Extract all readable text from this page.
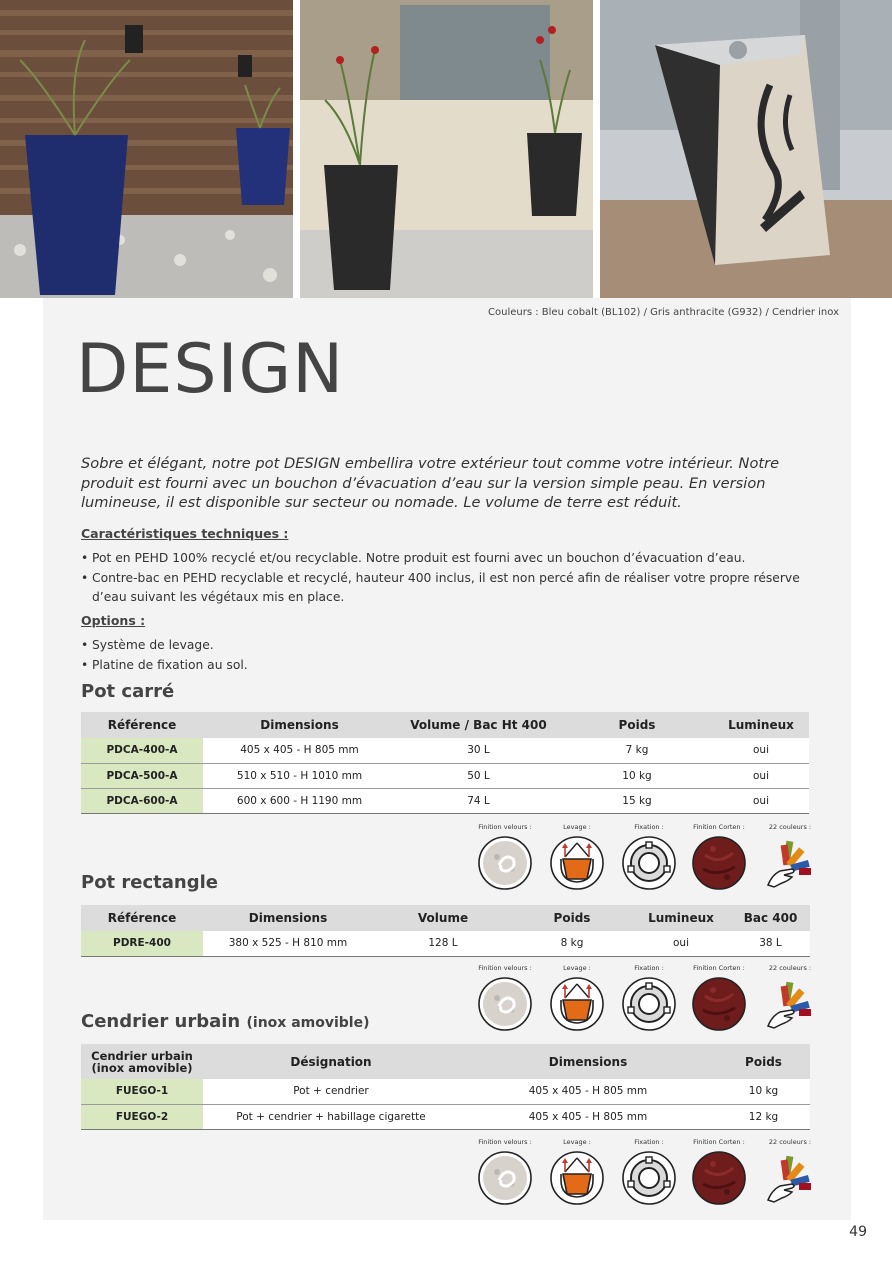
Couleurs : Bleu cobalt (BL102) / Gris anthracite (G932) / Cendrier inox
DESIGN

Sobre et élégant, notre pot DESIGN embellira votre extérieur tout comme votre intérieur. Notre produit est fourni avec un bouchon d’évacuation d’eau sur la version simple peau. En version lumineuse, il est disponible sur secteur ou nomade. Le volume de terre est réduit.

Caractéristiques techniques :
• Pot en PEHD 100% recyclé et/ou recyclable. Notre produit est fourni avec un bouchon d’évacuation d’eau.
• Contre-bac en PEHD recyclable et recyclé, hauteur 400 inclus, il est non percé afin de réaliser votre propre réserve d’eau suivant les végétaux mis en place.
Options :
• Système de levage.
• Platine de fixation au sol.
Pot carré
Référence	Dimensions	Volume / Bac Ht 400	Poids	Lumineux
PDCA-400-A	405 x 405 - H 805 mm	30 L	7 kg	oui
PDCA-500-A	510 x 510 - H 1010 mm	50 L	10 kg	oui
PDCA-600-A	600 x 600 - H 1190 mm	74 L	15 kg	oui
Finition velours :	Levage :	Fixation :	Finition Corten :	22 couleurs :
Pot rectangle
Référence	Dimensions	Volume	Poids	Lumineux	Bac 400
PDRE-400	380 x 525 - H 810 mm	128 L	8 kg	oui	38 L
Finition velours :	Levage :	Fixation :	Finition Corten :	22 couleurs :
Cendrier urbain (inox amovible)
Cendrier urbain (inox amovible)	Désignation	Dimensions	Poids
FUEGO-1	Pot + cendrier	405 x 405 - H 805 mm	10 kg
FUEGO-2	Pot + cendrier + habillage cigarette	405 x 405 - H 805 mm	12 kg
Finition velours :	Levage :	Fixation :	Finition Corten :	22 couleurs :
49
